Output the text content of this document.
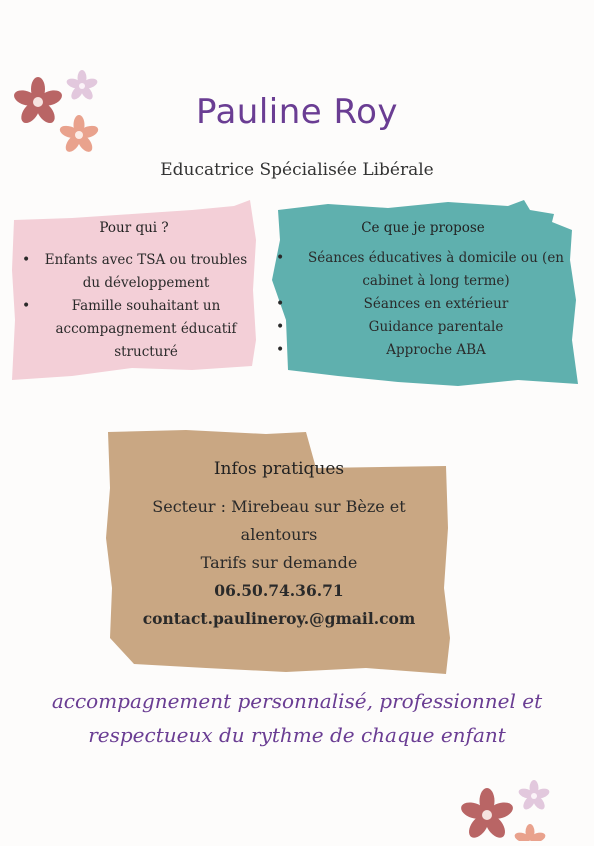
Pauline Roy
Educatrice Spécialisée Libérale
Pour qui ?
• Enfants avec TSA ou troubles du développement
•	Famille souhaitant un accompagnement éducatif structuré
Ce que je propose
• Séances éducatives à domicile ou (en cabinet à long terme)
•	Séances en extérieur
•	Guidance parentale
•	Approche ABA
Infos pratiques
Secteur : Mirebeau sur Bèze et alentours
Tarifs sur demande
06.50.74.36.71
contact.paulineroy.@gmail.com
accompagnement personnalisé, professionnel et respectueux du rythme de chaque enfant
